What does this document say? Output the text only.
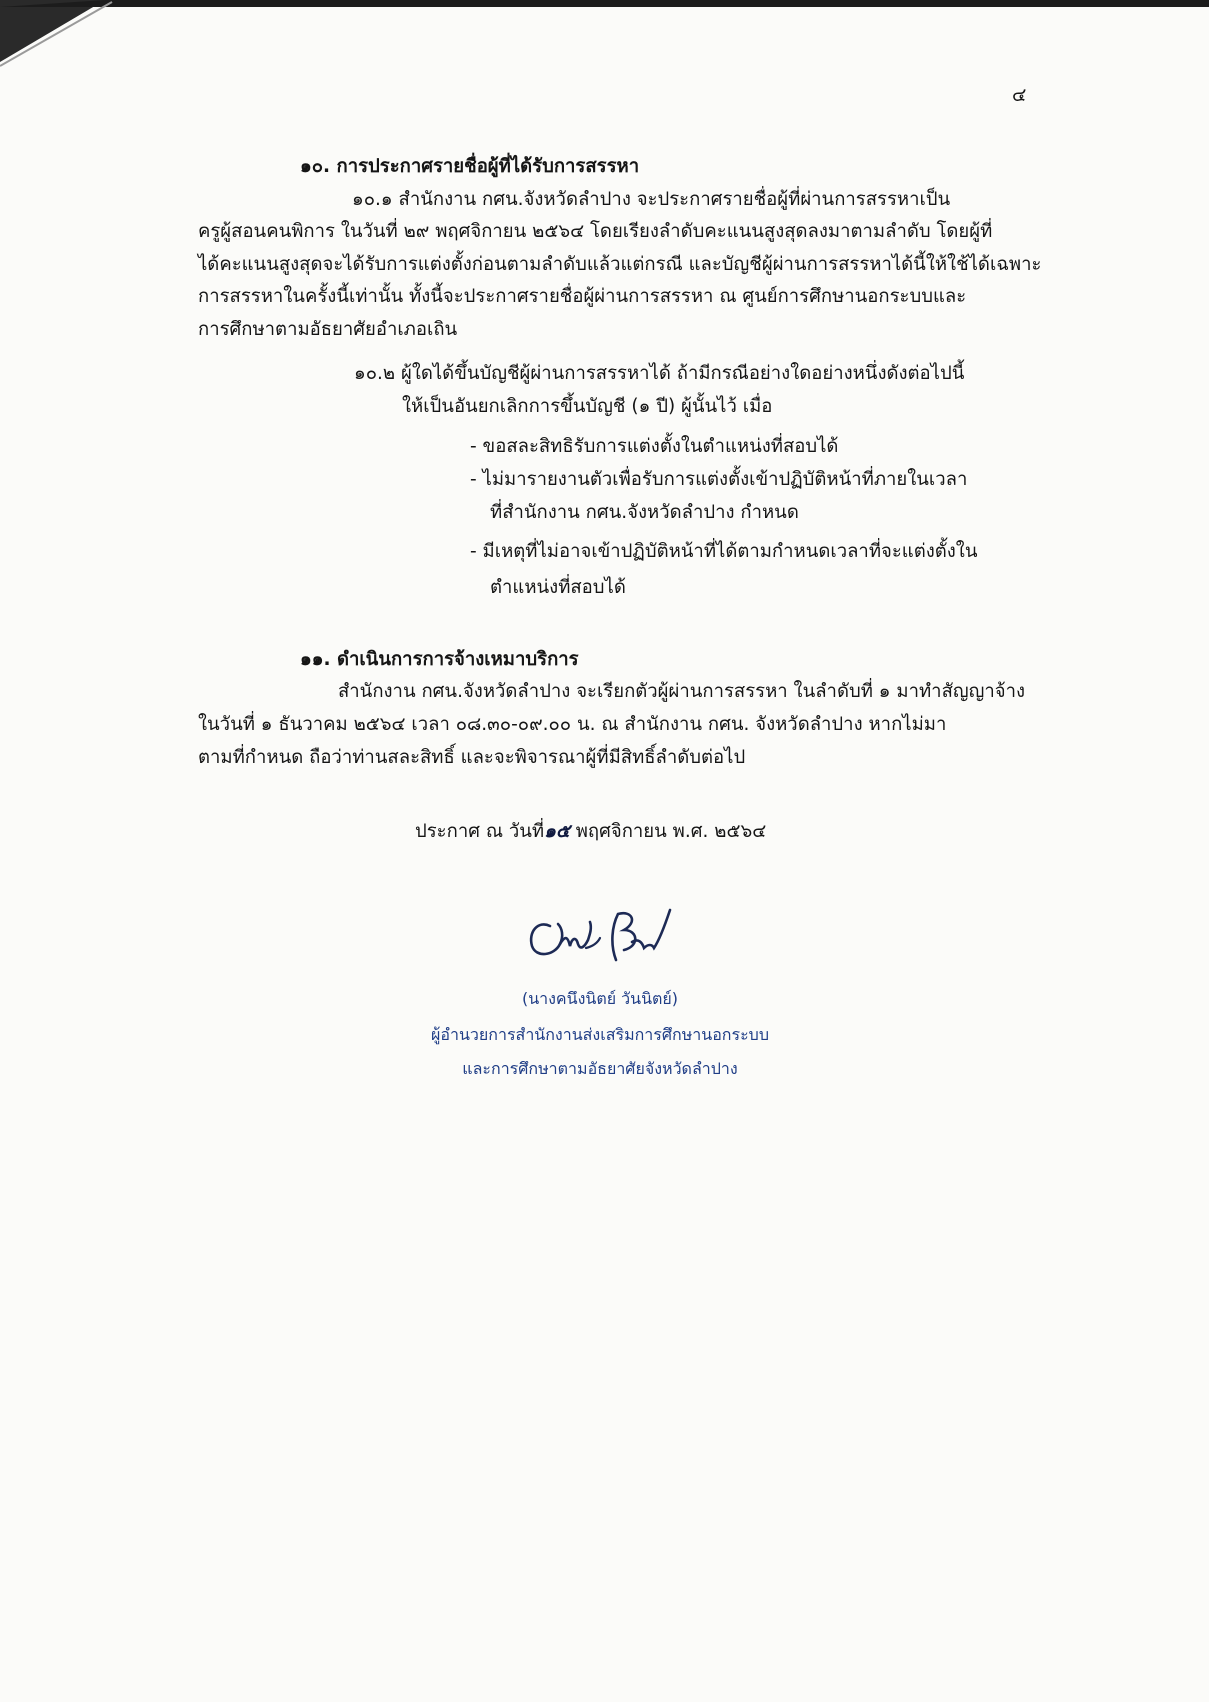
๔
๑๐. การประกาศรายชื่อผู้ที่ได้รับการสรรหา
๑๐.๑ สำนักงาน กศน.จังหวัดลำปาง จะประกาศรายชื่อผู้ที่ผ่านการสรรหาเป็น
ครูผู้สอนคนพิการ ในวันที่ ๒๙ พฤศจิกายน ๒๕๖๔ โดยเรียงลำดับคะแนนสูงสุดลงมาตามลำดับ โดยผู้ที่
ได้คะแนนสูงสุดจะได้รับการแต่งตั้งก่อนตามลำดับแล้วแต่กรณี และบัญชีผู้ผ่านการสรรหาได้นี้ให้ใช้ได้เฉพาะ
การสรรหาในครั้งนี้เท่านั้น ทั้งนี้จะประกาศรายชื่อผู้ผ่านการสรรหา ณ ศูนย์การศึกษานอกระบบและ
การศึกษาตามอัธยาศัยอำเภอเถิน
๑๐.๒ ผู้ใดได้ขึ้นบัญชีผู้ผ่านการสรรหาได้ ถ้ามีกรณีอย่างใดอย่างหนึ่งดังต่อไปนี้
ให้เป็นอันยกเลิกการขึ้นบัญชี (๑ ปี) ผู้นั้นไว้ เมื่อ
- ขอสละสิทธิรับการแต่งตั้งในตำแหน่งที่สอบได้
- ไม่มารายงานตัวเพื่อรับการแต่งตั้งเข้าปฏิบัติหน้าที่ภายในเวลา
ที่สำนักงาน กศน.จังหวัดลำปาง กำหนด
- มีเหตุที่ไม่อาจเข้าปฏิบัติหน้าที่ได้ตามกำหนดเวลาที่จะแต่งตั้งใน
ตำแหน่งที่สอบได้
๑๑. ดำเนินการการจ้างเหมาบริการ
สำนักงาน กศน.จังหวัดลำปาง จะเรียกตัวผู้ผ่านการสรรหา ในลำดับที่ ๑ มาทำสัญญาจ้าง
ในวันที่ ๑ ธันวาคม ๒๕๖๔ เวลา ๐๘.๓๐-๐๙.๐๐ น. ณ สำนักงาน กศน. จังหวัดลำปาง หากไม่มา
ตามที่กำหนด ถือว่าท่านสละสิทธิ์ และจะพิจารณาผู้ที่มีสิทธิ์ลำดับต่อไป
ประกาศ ณ วันที่๑๕ พฤศจิกายน พ.ศ. ๒๕๖๔
(นางคนึงนิตย์ วันนิตย์)
ผู้อำนวยการสำนักงานส่งเสริมการศึกษานอกระบบ
และการศึกษาตามอัธยาศัยจังหวัดลำปาง
